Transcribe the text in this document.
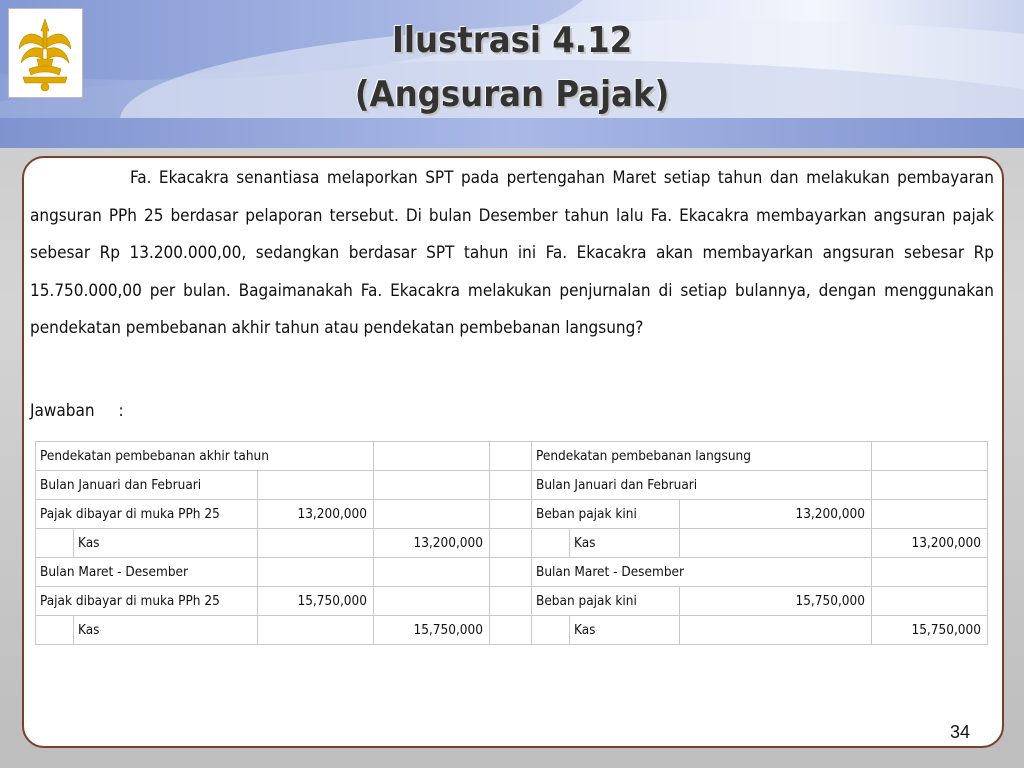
Ilustrasi 4.12
(Angsuran Pajak)
Fa. Ekacakra senantiasa melaporkan SPT pada pertengahan Maret setiap tahun dan melakukan pembayaran angsuran PPh 25 berdasar pelaporan tersebut. Di bulan Desember tahun lalu Fa. Ekacakra membayarkan angsuran pajak sebesar Rp 13.200.000,00, sedangkan berdasar SPT tahun ini Fa. Ekacakra akan membayarkan angsuran sebesar Rp 15.750.000,00 per bulan. Bagaimanakah Fa. Ekacakra melakukan penjurnalan di setiap bulannya, dengan menggunakan pendekatan pembebanan akhir tahun atau pendekatan pembebanan langsung?
Jawaban :
Pendekatan pembebanan akhir tahun					Pendekatan pembebanan langsung			
Bulan Januari dan Februari					Bulan Januari dan Februari			
Pajak dibayar di muka PPh 25		13,200,000			Beban pajak kini		13,200,000	
	Kas		13,200,000			Kas		13,200,000
Bulan Maret - Desember					Bulan Maret - Desember			
Pajak dibayar di muka PPh 25		15,750,000			Beban pajak kini		15,750,000	
	Kas		15,750,000			Kas		15,750,000
34
